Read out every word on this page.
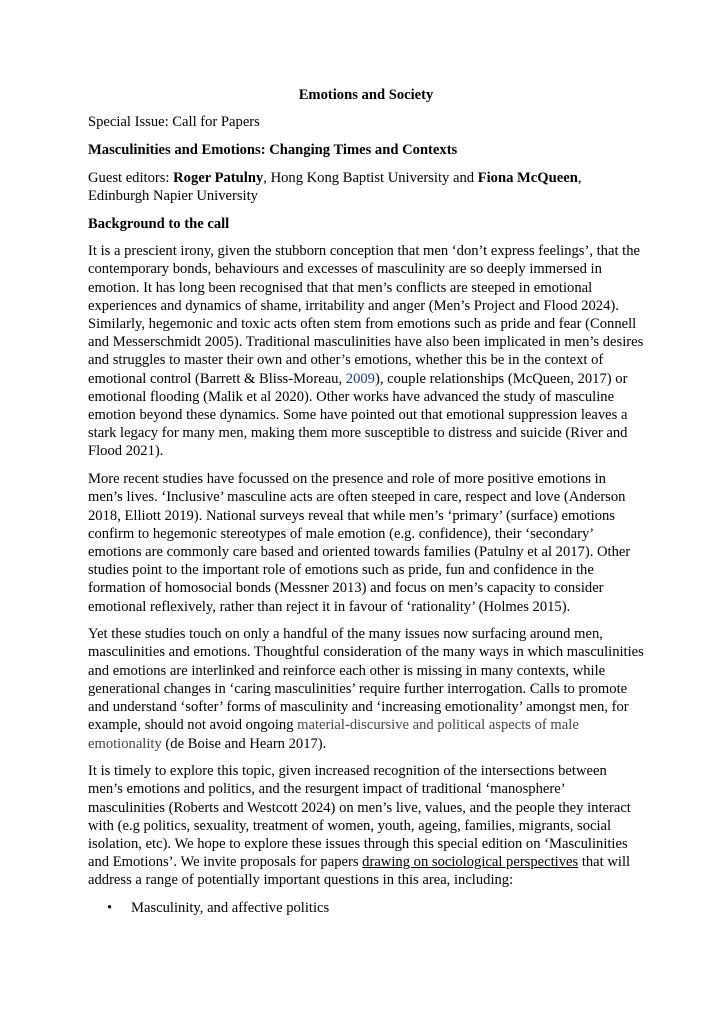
Emotions and Society

Special Issue: Call for Papers

Masculinities and Emotions: Changing Times and Contexts

Guest editors: Roger Patulny, Hong Kong Baptist University and Fiona McQueen, Edinburgh Napier University

Background to the call

It is a prescient irony, given the stubborn conception that men ‘don’t express feelings’, that the contemporary bonds, behaviours and excesses of masculinity are so deeply immersed in emotion. It has long been recognised that that men’s conflicts are steeped in emotional experiences and dynamics of shame, irritability and anger (Men’s Project and Flood 2024). Similarly, hegemonic and toxic acts often stem from emotions such as pride and fear (Connell and Messerschmidt 2005). Traditional masculinities have also been implicated in men’s desires and struggles to master their own and other’s emotions, whether this be in the context of emotional control (Barrett & Bliss-Moreau, 2009), couple relationships (McQueen, 2017) or emotional flooding (Malik et al 2020). Other works have advanced the study of masculine emotion beyond these dynamics. Some have pointed out that emotional suppression leaves a stark legacy for many men, making them more susceptible to distress and suicide (River and Flood 2021).

More recent studies have focussed on the presence and role of more positive emotions in men’s lives. ‘Inclusive’ masculine acts are often steeped in care, respect and love (Anderson 2018, Elliott 2019). National surveys reveal that while men’s ‘primary’ (surface) emotions confirm to hegemonic stereotypes of male emotion (e.g. confidence), their ‘secondary’ emotions are commonly care based and oriented towards families (Patulny et al 2017). Other studies point to the important role of emotions such as pride, fun and confidence in the formation of homosocial bonds (Messner 2013) and focus on men’s capacity to consider emotional reflexively, rather than reject it in favour of ‘rationality’ (Holmes 2015).

Yet these studies touch on only a handful of the many issues now surfacing around men, masculinities and emotions. Thoughtful consideration of the many ways in which masculinities and emotions are interlinked and reinforce each other is missing in many contexts, while generational changes in ‘caring masculinities’ require further interrogation. Calls to promote and understand ‘softer’ forms of masculinity and ‘increasing emotionality’ amongst men, for example, should not avoid ongoing material-discursive and political aspects of male emotionality (de Boise and Hearn 2017).

It is timely to explore this topic, given increased recognition of the intersections between men’s emotions and politics, and the resurgent impact of traditional ‘manosphere’ masculinities (Roberts and Westcott 2024) on men’s live, values, and the people they interact with (e.g politics, sexuality, treatment of women, youth, ageing, families, migrants, social isolation, etc). We hope to explore these issues through this special edition on ‘Masculinities and Emotions’. We invite proposals for papers drawing on sociological perspectives that will address a range of potentially important questions in this area, including:

• Masculinity, and affective politics
